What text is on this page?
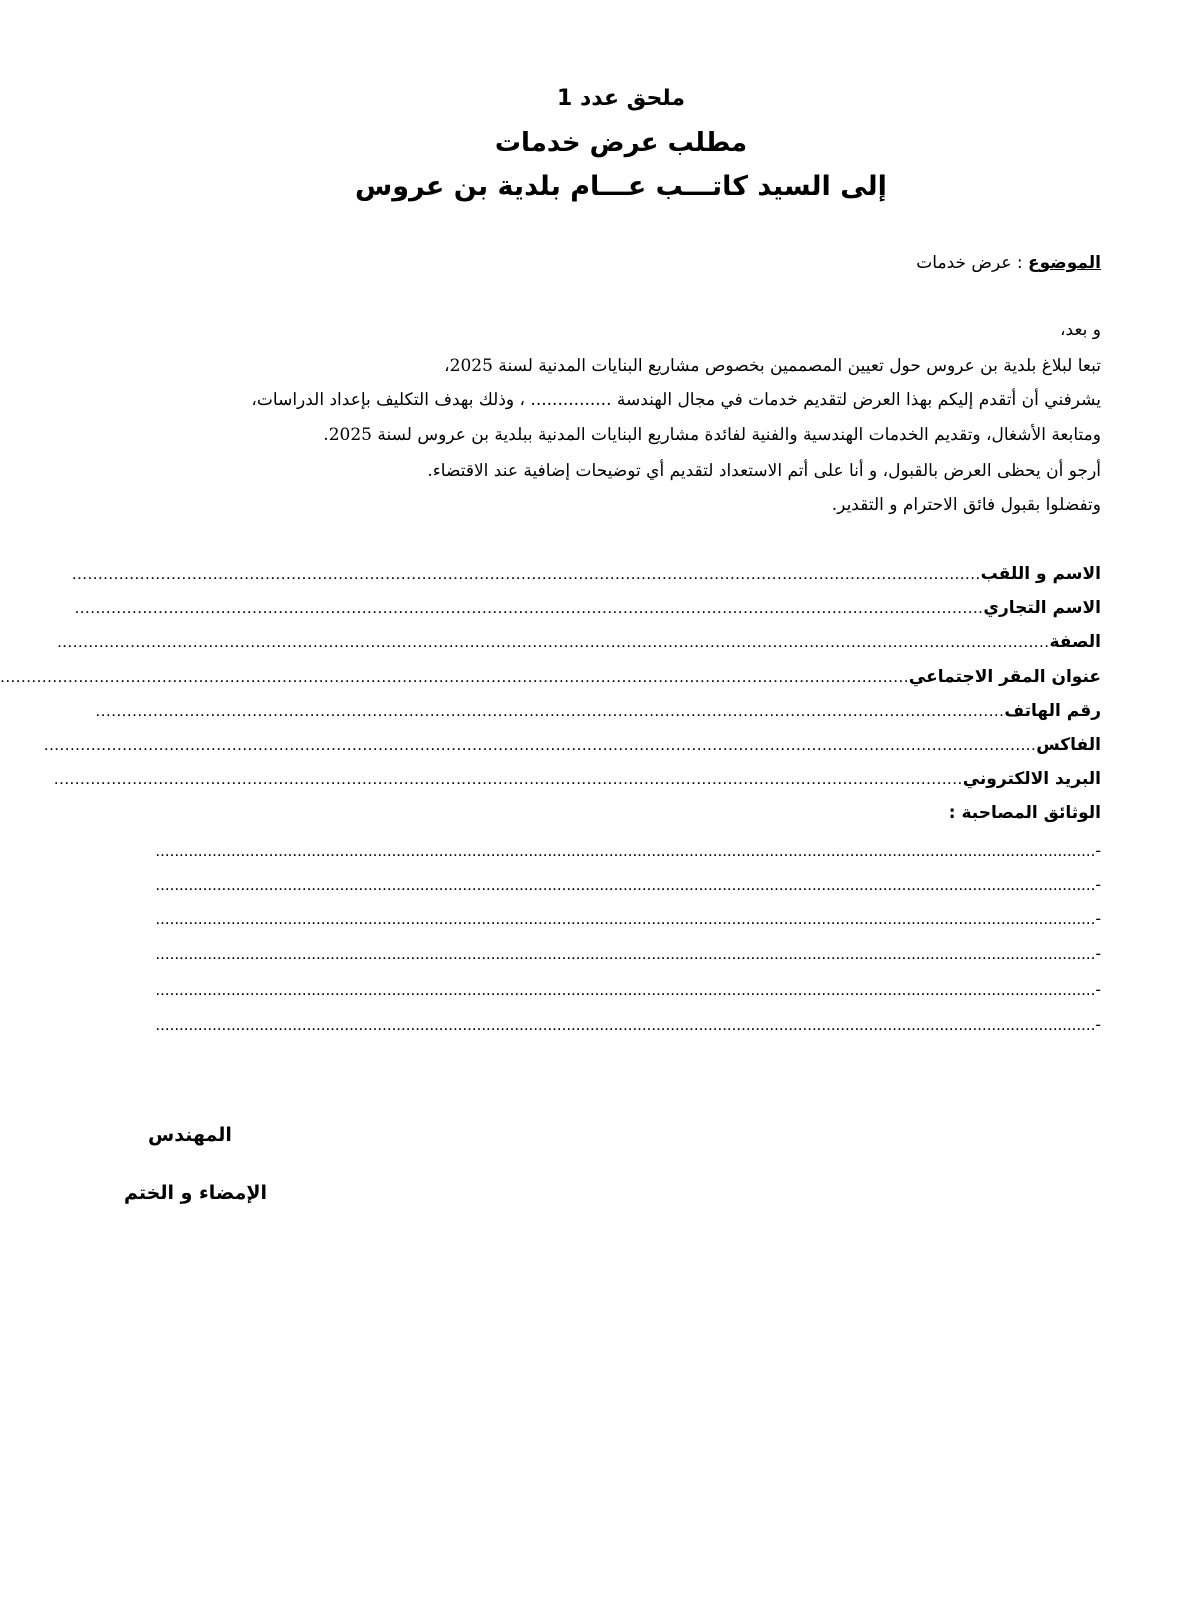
ملحق عدد 1
مطلب عرض خدمات
إلى السيد كاتـــب عـــام بلدية بن عروس
الموضوع : عرض خدمات
و بعد،
تبعا لبلاغ بلدية بن عروس حول تعيين المصممين بخصوص مشاريع البنايات المدنية لسنة 2025،
يشرفني أن أتقدم إليكم بهذا العرض لتقديم خدمات في مجال الهندسة ............... ، وذلك بهدف التكليف بإعداد الدراسات،
ومتابعة الأشغال، وتقديم الخدمات الهندسية والفنية لفائدة مشاريع البنايات المدنية ببلدية بن عروس لسنة 2025.
أرجو أن يحظى العرض بالقبول، و أنا على أتم الاستعداد لتقديم أي توضيحات إضافية عند الاقتضاء.
وتفضلوا بقبول فائق الاحترام و التقدير.
الاسم و اللقب
..............................................................................................................................................................................
الاسم التجاري
..............................................................................................................................................................................
الصفة
..............................................................................................................................................................................................
عنوان المقر الاجتماعي
..............................................................................................................................................................................
رقم الهاتف
..............................................................................................................................................................................
الفاكس
..............................................................................................................................................................................................
البريد الالكتروني
..............................................................................................................................................................................
الوثائق المصاحبة :
-.......................................................................................................................................................................................................
-.......................................................................................................................................................................................................
-.......................................................................................................................................................................................................
-.......................................................................................................................................................................................................
-.......................................................................................................................................................................................................
-.......................................................................................................................................................................................................
المهندس
الإمضاء و الختم
